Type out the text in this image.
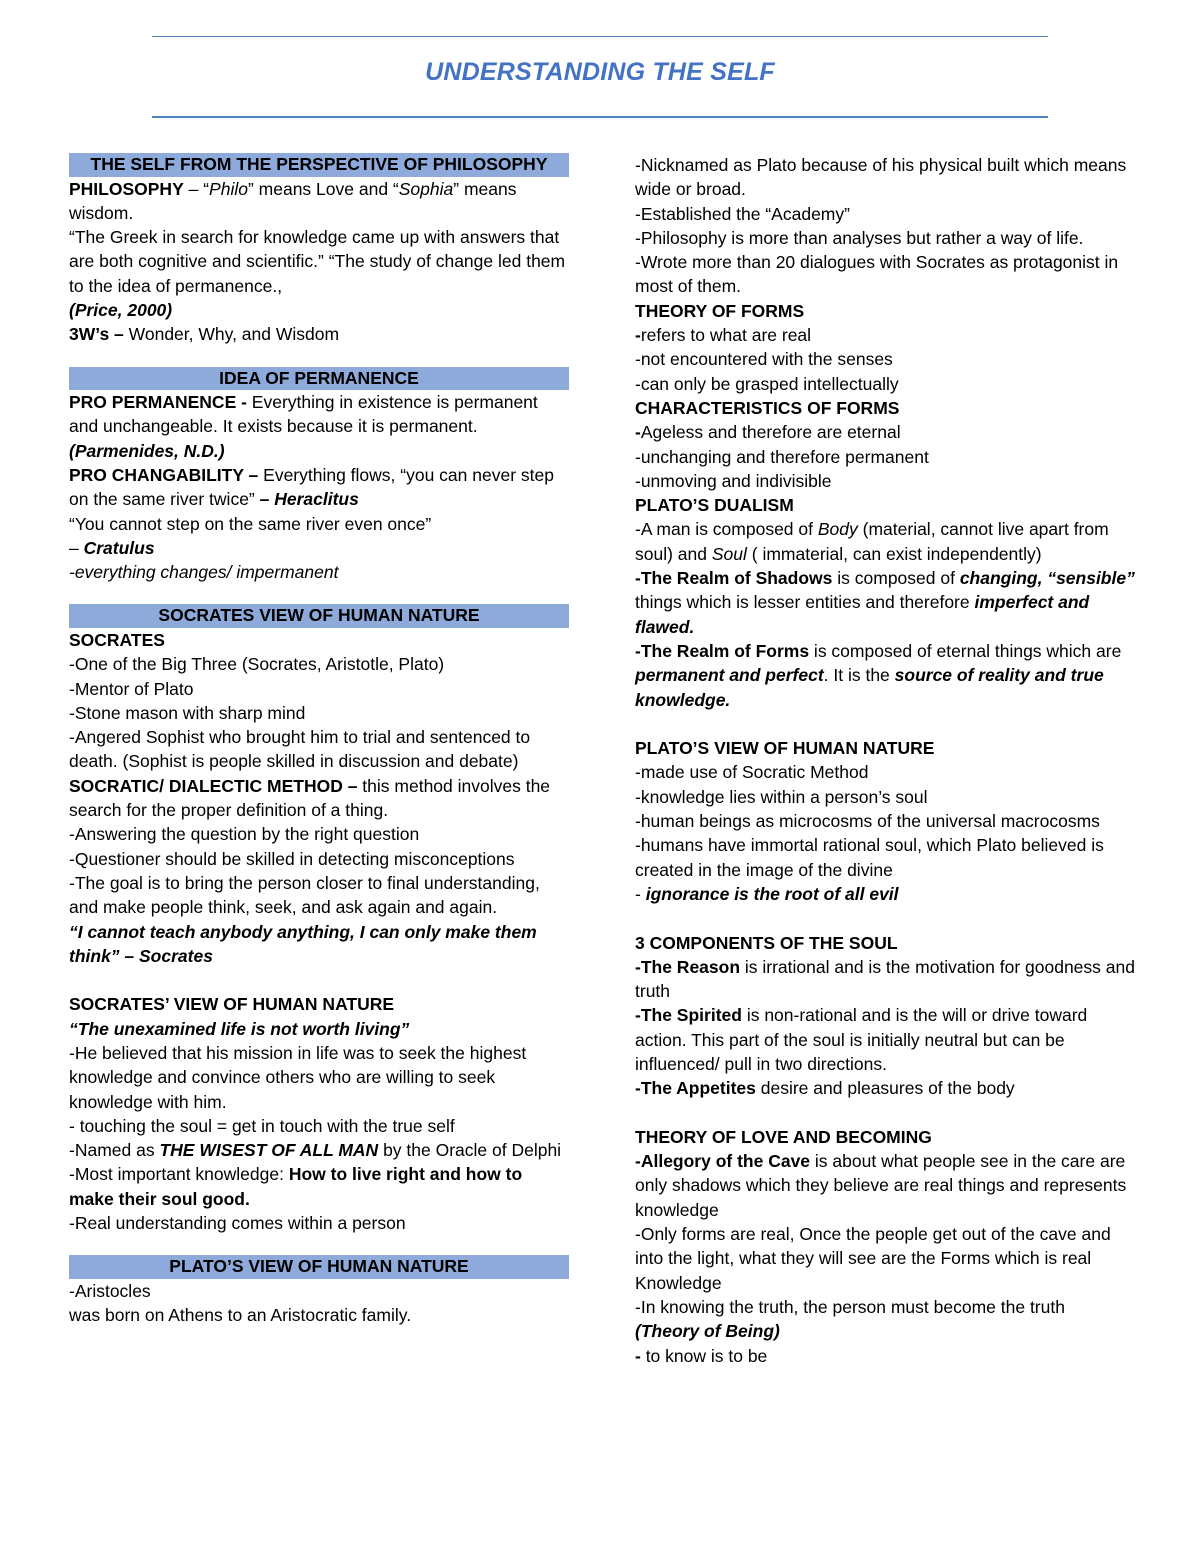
UNDERSTANDING THE SELF
THE SELF FROM THE PERSPECTIVE OF PHILOSOPHY

PHILOSOPHY – “Philo” means Love and “Sophia” means wisdom.

“The Greek in search for knowledge came up with answers that are both cognitive and scientific.” “The study of change led them to the idea of permanence.,

(Price, 2000)

3W’s – Wonder, Why, and Wisdom

IDEA OF PERMANENCE

PRO PERMANENCE - Everything in existence is permanent and unchangeable. It exists because it is permanent. (Parmenides, N.D.)

PRO CHANGABILITY – Everything flows, “you can never step on the same river twice” – Heraclitus

“You cannot step on the same river even once”

– Cratulus

-everything changes/ impermanent

SOCRATES VIEW OF HUMAN NATURE

SOCRATES

-One of the Big Three (Socrates, Aristotle, Plato)

-Mentor of Plato

-Stone mason with sharp mind

-Angered Sophist who brought him to trial and sentenced to death. (Sophist is people skilled in discussion and debate)

SOCRATIC/ DIALECTIC METHOD – this method involves the search for the proper definition of a thing.

-Answering the question by the right question

-Questioner should be skilled in detecting misconceptions

-The goal is to bring the person closer to final understanding, and make people think, seek, and ask again and again.

“I cannot teach anybody anything, I can only make them think” – Socrates

SOCRATES’ VIEW OF HUMAN NATURE

“The unexamined life is not worth living”

-He believed that his mission in life was to seek the highest knowledge and convince others who are willing to seek knowledge with him.

- touching the soul = get in touch with the true self

-Named as THE WISEST OF ALL MAN by the Oracle of Delphi

-Most important knowledge: How to live right and how to make their soul good.

-Real understanding comes within a person

PLATO’S VIEW OF HUMAN NATURE

-Aristocles

was born on Athens to an Aristocratic family.

-Nicknamed as Plato because of his physical built which means wide or broad.

-Established the “Academy”

-Philosophy is more than analyses but rather a way of life.

-Wrote more than 20 dialogues with Socrates as protagonist in most of them.

THEORY OF FORMS

-refers to what are real

-not encountered with the senses

-can only be grasped intellectually

CHARACTERISTICS OF FORMS

-Ageless and therefore are eternal

-unchanging and therefore permanent

-unmoving and indivisible

PLATO’S DUALISM

-A man is composed of Body (material, cannot live apart from soul) and Soul ( immaterial, can exist independently)

-The Realm of Shadows is composed of changing, “sensible” things which is lesser entities and therefore imperfect and flawed.

-The Realm of Forms is composed of eternal things which are permanent and perfect. It is the source of reality and true knowledge.

PLATO’S VIEW OF HUMAN NATURE

-made use of Socratic Method

-knowledge lies within a person’s soul

-human beings as microcosms of the universal macrocosms

-humans have immortal rational soul, which Plato believed is created in the image of the divine

- ignorance is the root of all evil

3 COMPONENTS OF THE SOUL

-The Reason is irrational and is the motivation for goodness and truth

-The Spirited is non-rational and is the will or drive toward action. This part of the soul is initially neutral but can be influenced/ pull in two directions.

-The Appetites desire and pleasures of the body

THEORY OF LOVE AND BECOMING

-Allegory of the Cave is about what people see in the care are only shadows which they believe are real things and represents knowledge

-Only forms are real, Once the people get out of the cave and into the light, what they will see are the Forms which is real Knowledge

-In knowing the truth, the person must become the truth

(Theory of Being)

- to know is to be
